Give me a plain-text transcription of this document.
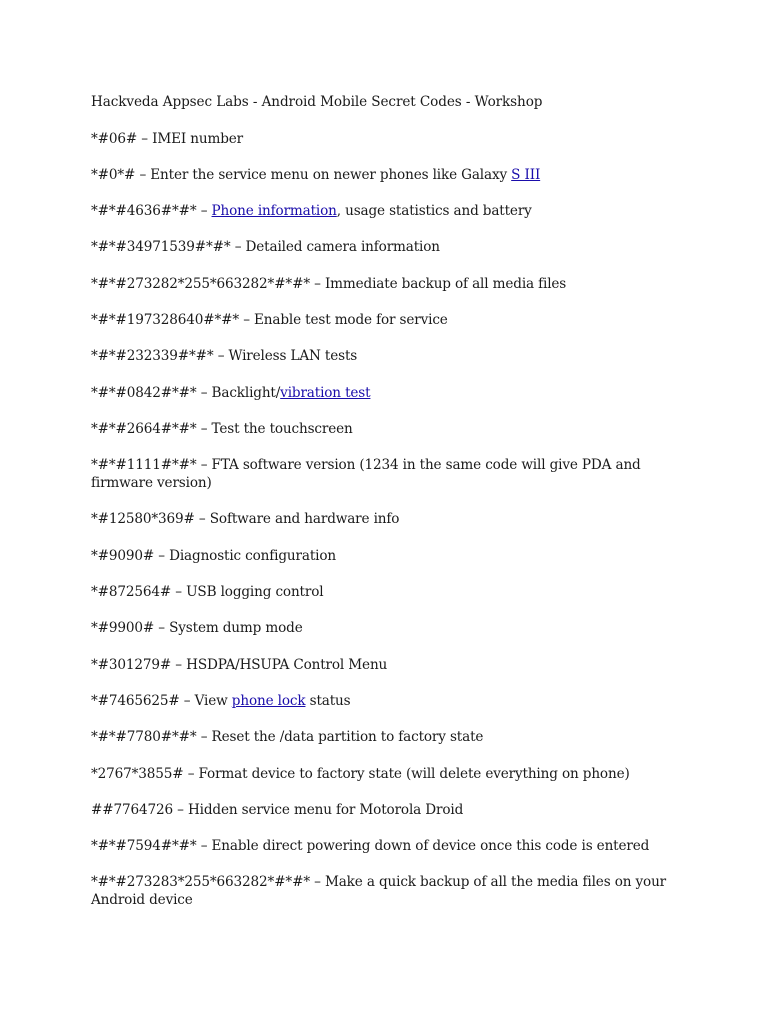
Hackveda Appsec Labs - Android Mobile Secret Codes - Workshop

*#06# – IMEI number

*#0*# – Enter the service menu on newer phones like Galaxy S III

*#*#4636#*#* – Phone information, usage statistics and battery

*#*#34971539#*#* – Detailed camera information

*#*#273282*255*663282*#*#* – Immediate backup of all media files

*#*#197328640#*#* – Enable test mode for service

*#*#232339#*#* – Wireless LAN tests

*#*#0842#*#* – Backlight/vibration test

*#*#2664#*#* – Test the touchscreen

*#*#1111#*#* – FTA software version (1234 in the same code will give PDA and firmware version)

*#12580*369# – Software and hardware info

*#9090# – Diagnostic configuration

*#872564# – USB logging control

*#9900# – System dump mode

*#301279# – HSDPA/HSUPA Control Menu

*#7465625# – View phone lock status

*#*#7780#*#* – Reset the /data partition to factory state

*2767*3855# – Format device to factory state (will delete everything on phone)

##7764726 – Hidden service menu for Motorola Droid

*#*#7594#*#* – Enable direct powering down of device once this code is entered

*#*#273283*255*663282*#*#* – Make a quick backup of all the media files on your Android device
